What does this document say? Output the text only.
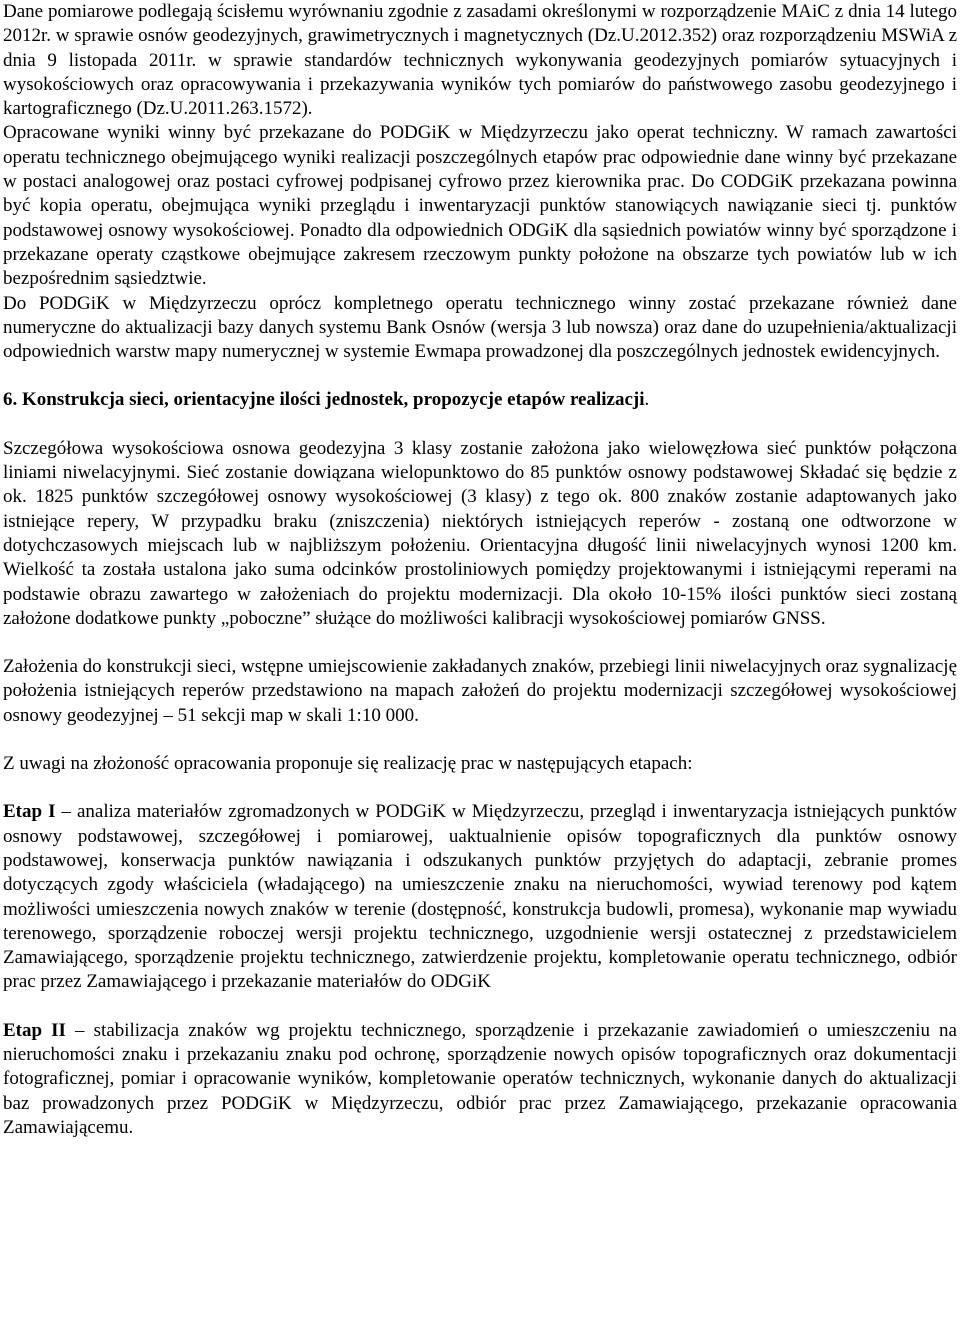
Dane pomiarowe podlegają ścisłemu wyrównaniu zgodnie z zasadami określonymi w rozporządzenie MAiC z dnia 14 lutego 2012r. w sprawie osnów geodezyjnych, grawimetrycznych i magnetycznych (Dz.U.2012.352) oraz rozporządzeniu MSWiA z dnia 9 listopada 2011r. w sprawie standardów technicznych wykonywania geodezyjnych pomiarów sytuacyjnych i wysokościowych oraz opracowywania i przekazywania wyników tych pomiarów do państwowego zasobu geodezyjnego i kartograficznego (Dz.U.2011.263.1572).

Opracowane wyniki winny być przekazane do PODGiK w Międzyrzeczu jako operat techniczny. W ramach zawartości operatu technicznego obejmującego wyniki realizacji poszczególnych etapów prac odpowiednie dane winny być przekazane w postaci analogowej oraz postaci cyfrowej podpisanej cyfrowo przez kierownika prac. Do CODGiK przekazana powinna być kopia operatu, obejmująca wyniki przeglądu i inwentaryzacji punktów stanowiących nawiązanie sieci tj. punktów podstawowej osnowy wysokościowej. Ponadto dla odpowiednich ODGiK dla sąsiednich powiatów winny być sporządzone i przekazane operaty cząstkowe obejmujące zakresem rzeczowym punkty położone na obszarze tych powiatów lub w ich bezpośrednim sąsiedztwie.

Do PODGiK w Międzyrzeczu oprócz kompletnego operatu technicznego winny zostać przekazane również dane numeryczne do aktualizacji bazy danych systemu Bank Osnów (wersja 3 lub nowsza) oraz dane do uzupełnienia/aktualizacji odpowiednich warstw mapy numerycznej w systemie Ewmapa prowadzonej dla poszczególnych jednostek ewidencyjnych.

6. Konstrukcja sieci, orientacyjne ilości jednostek, propozycje etapów realizacji.

Szczegółowa wysokościowa osnowa geodezyjna 3 klasy zostanie założona jako wielowęzłowa sieć punktów połączona liniami niwelacyjnymi. Sieć zostanie dowiązana wielopunktowo do 85 punktów osnowy podstawowej Składać się będzie z ok. 1825 punktów szczegółowej osnowy wysokościowej (3 klasy) z tego ok. 800 znaków zostanie adaptowanych jako istniejące repery, W przypadku braku (zniszczenia) niektórych istniejących reperów - zostaną one odtworzone w dotychczasowych miejscach lub w najbliższym położeniu. Orientacyjna długość linii niwelacyjnych wynosi 1200 km. Wielkość ta została ustalona jako suma odcinków prostoliniowych pomiędzy projektowanymi i istniejącymi reperami na podstawie obrazu zawartego w założeniach do projektu modernizacji. Dla około 10-15% ilości punktów sieci zostaną założone dodatkowe punkty „poboczne” służące do możliwości kalibracji wysokościowej pomiarów GNSS.

Założenia do konstrukcji sieci, wstępne umiejscowienie zakładanych znaków, przebiegi linii niwelacyjnych oraz sygnalizację położenia istniejących reperów przedstawiono na mapach założeń do projektu modernizacji szczegółowej wysokościowej osnowy geodezyjnej – 51 sekcji map w skali 1:10 000.

Z uwagi na złożoność opracowania proponuje się realizację prac w następujących etapach:

Etap I – analiza materiałów zgromadzonych w PODGiK w Międzyrzeczu, przegląd i inwentaryzacja istniejących punktów osnowy podstawowej, szczegółowej i pomiarowej, uaktualnienie opisów topograficznych dla punktów osnowy podstawowej, konserwacja punktów nawiązania i odszukanych punktów przyjętych do adaptacji, zebranie promes dotyczących zgody właściciela (władającego) na umieszczenie znaku na nieruchomości, wywiad terenowy pod kątem możliwości umieszczenia nowych znaków w terenie (dostępność, konstrukcja budowli, promesa), wykonanie map wywiadu terenowego, sporządzenie roboczej wersji projektu technicznego, uzgodnienie wersji ostatecznej z przedstawicielem Zamawiającego, sporządzenie projektu technicznego, zatwierdzenie projektu, kompletowanie operatu technicznego, odbiór prac przez Zamawiającego i przekazanie materiałów do ODGiK

Etap II – stabilizacja znaków wg projektu technicznego, sporządzenie i przekazanie zawiadomień o umieszczeniu na nieruchomości znaku i przekazaniu znaku pod ochronę, sporządzenie nowych opisów topograficznych oraz dokumentacji fotograficznej, pomiar i opracowanie wyników, kompletowanie operatów technicznych, wykonanie danych do aktualizacji baz prowadzonych przez PODGiK w Międzyrzeczu, odbiór prac przez Zamawiającego, przekazanie opracowania Zamawiającemu.
